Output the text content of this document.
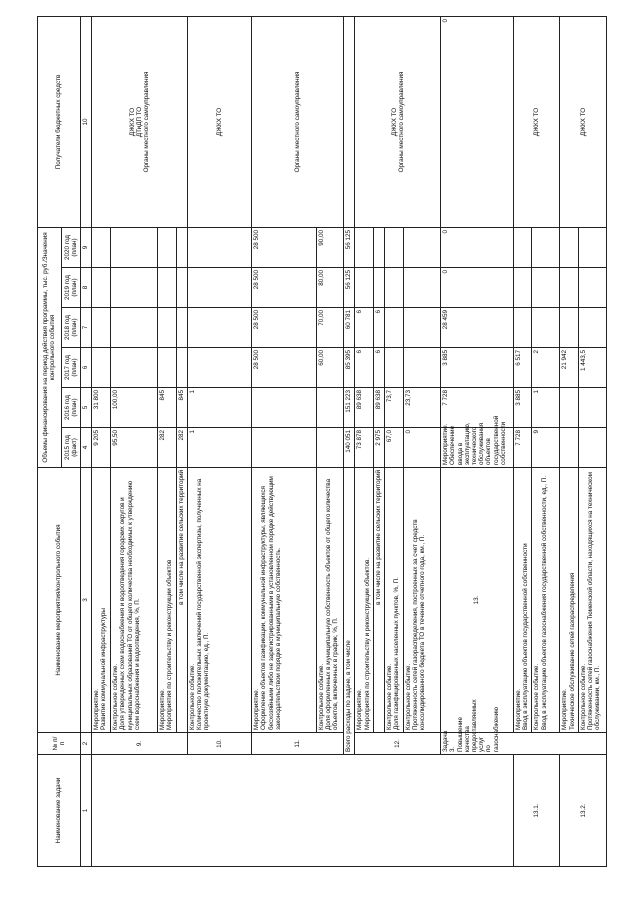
Наименование задачи	№ п/п	Наименование мероприятия/контрольного события	Объемы финансирования на период действия программы, тыс. руб./Значения контрольного события						Получатели бюджетных средств	

			2015 год (факт)	2016 год (план)	2017 год (план)	2018 год (план)	2019 год (план)	2020 год (план)		

1	2	3	4	5	6	7	8	9	10	
	9.	Мероприятие. Развитие коммунальной инфраструктуры	9 205	31 800					ДЖКХ ТО ДТиДП ТО Органы местного самоуправления	

		Контрольное событие. Доля утвержденных схем водоснабжения и водоотведения городских округов и муниципальных образований ТО от общего количества необходимых к утверждению схем водоснабжения и водоотведения, %, П.	95,50	100,00						

		Мероприятие. Мероприятия по строительству и реконструкции объектов	282	845						
		в том числе на развитие сельских территорий	282	845						
	10.	Контрольное событие. Количество положительных заключений государственной экспертизы, полученных на проектную документацию, ед., П.	1	1					ДЖКХ ТО	
	11.	Мероприятие. Оформление объектов газификации, коммунальной инфраструктуры, являющихся бесхозяйными либо не зарегистрированными в установленном порядке действующим законодательством порядке в муниципальную собственность.			28 500	28 500	28 500	28 500	Органы местного самоуправления	

		Контрольное событие. Доля оформленных в муниципальную собственность объектов от общего количества объектов, включенных в график, %, П.			60,00	70,00	80,00	90,00		
	Всего расходы по задаче, в том числе		140 051	151 223	85 395	60 781	56 125	56 125		
	12.	Мероприятие. Мероприятия по строительству и реконструкции объектов.	73 878	89 638	6	6			ДЖКХ ТО Органы местного самоуправления	

		в том числе на развитие сельских территорий	2 975	89 638	6	6				

		Контрольное событие. Доля газифицированных населенных пунктов, %, П.	67,0	73,7						

		Контрольное событие. Протяженность сетей газораспределения, построенных за счет средств консолидированного бюджета ТО в течение отчетного года, км., П.	0	23,73						
	Задача 3. Повышение качества предоставляемых услуг по газоснабжению	13.	Мероприятие. Обеспечение ввода в эксплуатацию, технического обслуживания объектов государственной собственности	7 728	3 885	28 459	0	0	0	
13.1.		Мероприятие. Ввод в эксплуатацию объектов государственной собственности	7 728	3 885	6 517				ДЖКХ ТО	

		Контрольное событие. Ввод в эксплуатацию объектов газоснабжения государственной собственности, ед., П.	9	1	2					
13.2.		Мероприятие. Техническое обслуживание сетей газораспределения			21 942				ДЖКХ ТО	

		Контрольное событие. Протяженность сетей газоснабжения Тюменской области, находящихся на техническом обслуживании, км., П.			1 443,5					
